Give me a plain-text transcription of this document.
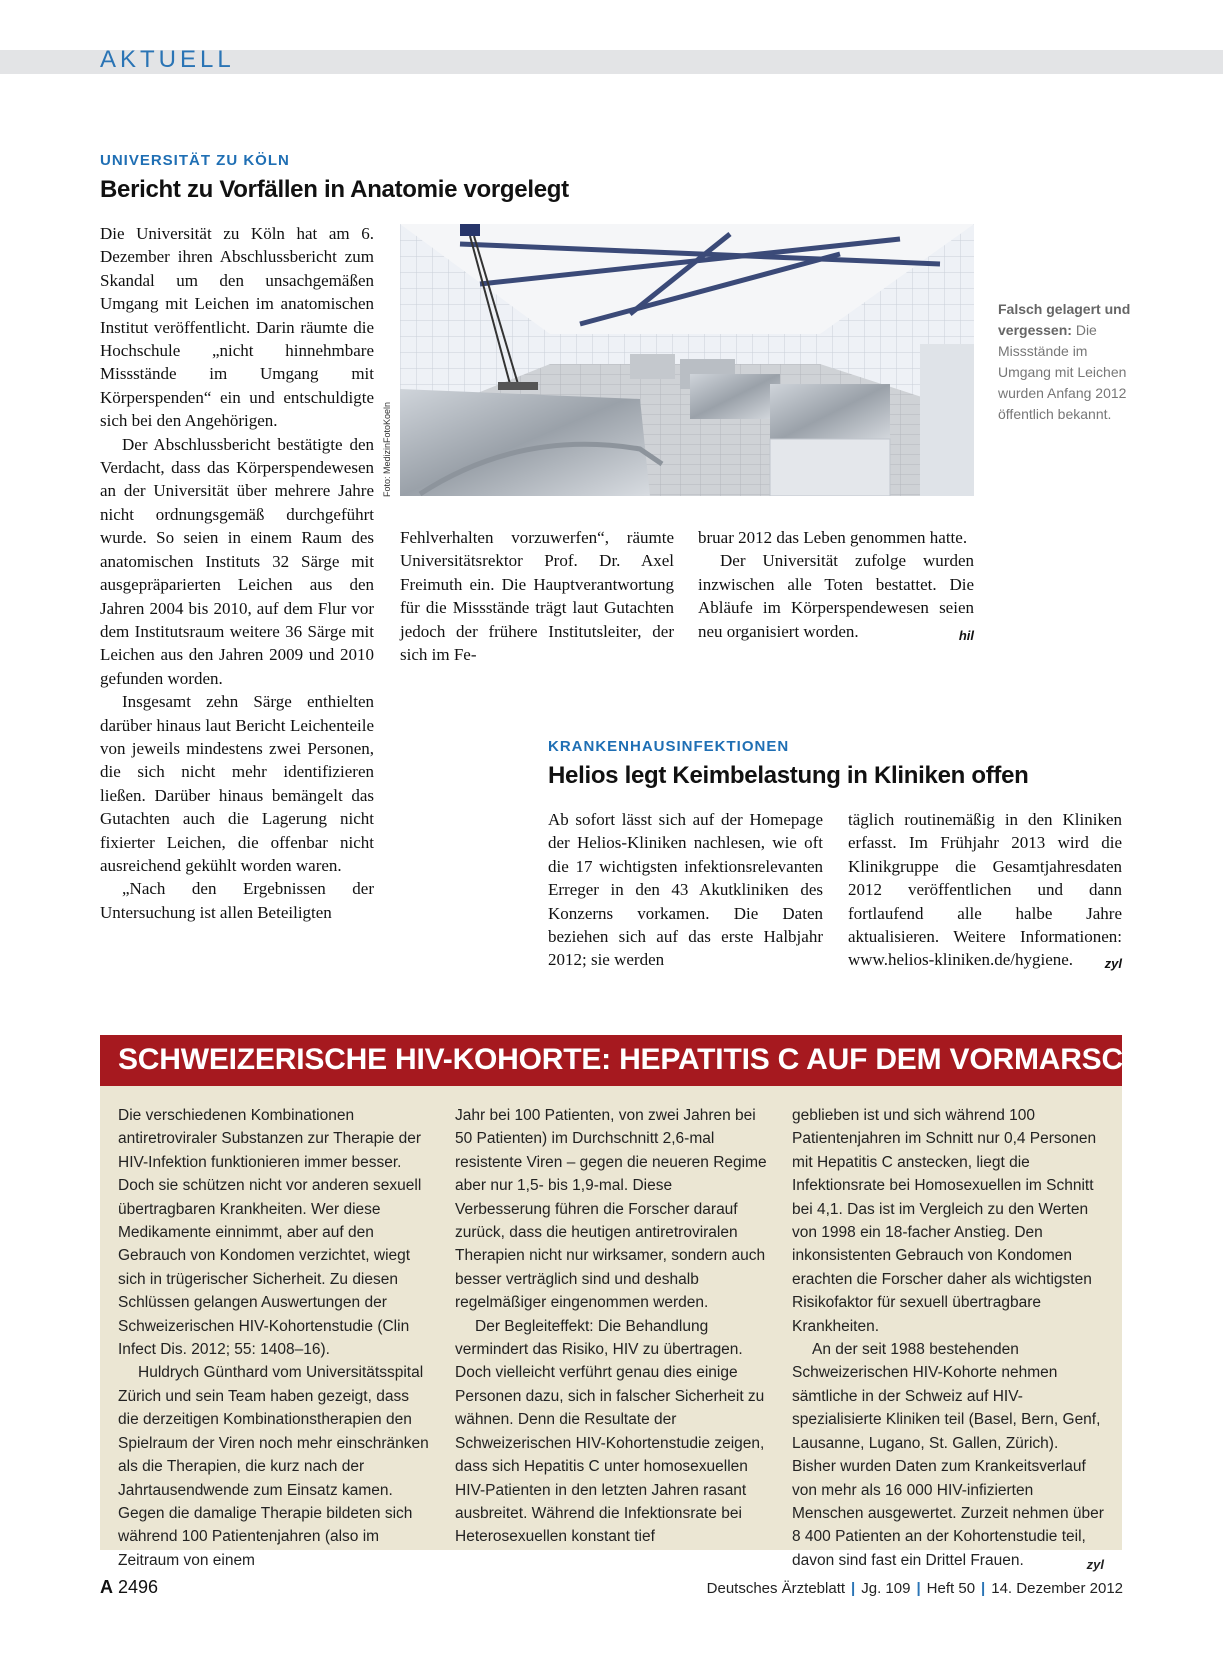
AKTUELL
UNIVERSITÄT ZU KÖLN
Bericht zu Vorfällen in Anatomie vorgelegt

Die Universität zu Köln hat am 6. Dezember ihren Abschlussbericht zum Skandal um den unsachgemäßen Umgang mit Leichen im anatomischen Institut veröffentlicht. Darin räumte die Hochschule „nicht hinnehmbare Missstände im Umgang mit Körperspenden“ ein und entschuldigte sich bei den Angehörigen.

Der Abschlussbericht bestätigte den Verdacht, dass das Körperspendewesen an der Universität über mehrere Jahre nicht ordnungsgemäß durchgeführt wurde. So seien in einem Raum des anatomischen Instituts 32 Särge mit ausgepräparierten Leichen aus den Jahren 2004 bis 2010, auf dem Flur vor dem Institutsraum weitere 36 Särge mit Leichen aus den Jahren 2009 und 2010 gefunden worden.

Insgesamt zehn Särge enthielten darüber hinaus laut Bericht Leichenteile von jeweils mindestens zwei Personen, die sich nicht mehr identifizieren ließen. Darüber hinaus bemängelt das Gutachten auch die Lagerung nicht fixierter Leichen, die offenbar nicht ausreichend gekühlt worden waren.

„Nach den Ergebnissen der Untersuchung ist allen Beteiligten

Foto: MedizinFotoKoeln
Falsch gelagert und vergessen: Die Missstände im Umgang mit Leichen wurden Anfang 2012 öffentlich bekannt.

Fehlverhalten vorzuwerfen“, räumte Universitätsrektor Prof. Dr. Axel Freimuth ein. Die Hauptverantwortung für die Missstände trägt laut Gutachten jedoch der frühere Institutsleiter, der sich im Fe-

bruar 2012 das Leben genommen hatte.

Der Universität zufolge wurden inzwischen alle Toten bestattet. Die Abläufe im Körperspendewesen seien neu organisiert worden.	hil

KRANKENHAUSINFEKTIONEN
Helios legt Keimbelastung in Kliniken offen

Ab sofort lässt sich auf der Homepage der Helios-Kliniken nachlesen, wie oft die 17 wichtigsten infektionsrelevanten Erreger in den 43 Akutkliniken des Konzerns vorkamen. Die Daten beziehen sich auf das erste Halbjahr 2012; sie werden

täglich routinemäßig in den Kliniken erfasst. Im Frühjahr 2013 wird die Klinikgruppe die Gesamtjahresdaten 2012 veröffentlichen und dann fortlaufend alle halbe Jahre aktualisieren. Weitere Informationen: www.helios-kliniken.de/hygiene. zyl

SCHWEIZERISCHE HIV-KOHORTE: HEPATITIS C AUF DEM VORMARSCH

Die verschiedenen Kombinationen antiretroviraler Substanzen zur Therapie der HIV-Infektion funktionieren immer besser. Doch sie schützen nicht vor anderen sexuell übertragbaren Krankheiten. Wer diese Medikamente einnimmt, aber auf den Gebrauch von Kondomen verzichtet, wiegt sich in trügerischer Sicherheit. Zu diesen Schlüssen gelangen Auswertungen der Schweizerischen HIV-Kohortenstudie (Clin Infect Dis. 2012; 55: 1408–16).

Huldrych Günthard vom Universitätsspital Zürich und sein Team haben gezeigt, dass die derzeitigen Kombinationstherapien den Spielraum der Viren noch mehr einschränken als die Therapien, die kurz nach der Jahrtausendwende zum Einsatz kamen. Gegen die damalige Therapie bildeten sich während 100 Patientenjahren (also im Zeitraum von einem

Jahr bei 100 Patienten, von zwei Jahren bei 50 Patienten) im Durchschnitt 2,6-mal resistente Viren – gegen die neueren Regime aber nur 1,5- bis 1,9-mal. Diese Verbesserung führen die Forscher darauf zurück, dass die heutigen antiretroviralen Therapien nicht nur wirksamer, sondern auch besser verträglich sind und deshalb regelmäßiger eingenommen werden.

Der Begleiteffekt: Die Behandlung vermindert das Risiko, HIV zu übertragen. Doch vielleicht verführt genau dies einige Personen dazu, sich in falscher Sicherheit zu wähnen. Denn die Resultate der Schweizerischen HIV-Kohortenstudie zeigen, dass sich Hepatitis C unter homosexuellen HIV-Patienten in den letzten Jahren rasant ausbreitet. Während die Infektionsrate bei Heterosexuellen konstant tief

geblieben ist und sich während 100 Patientenjahren im Schnitt nur 0,4 Personen mit Hepatitis C anstecken, liegt die Infektionsrate bei Homosexuellen im Schnitt bei 4,1. Das ist im Vergleich zu den Werten von 1998 ein 18-facher Anstieg. Den inkonsistenten Gebrauch von Kondomen erachten die Forscher daher als wichtigsten Risikofaktor für sexuell übertragbare Krankheiten.

An der seit 1988 bestehenden Schweizerischen HIV-Kohorte nehmen sämtliche in der Schweiz auf HIV-spezialisierte Kliniken teil (Basel, Bern, Genf, Lausanne, Lugano, St. Gallen, Zürich). Bisher wurden Daten zum Krankeitsverlauf von mehr als 16 000 HIV-infizierten Menschen ausgewertet. Zurzeit nehmen über 8 400 Patienten an der Kohortenstudie teil, davon sind fast ein Drittel Frauen.	zyl

A 2496	Deutsches Ärzteblatt | Jg. 109 | Heft 50 | 14. Dezember 2012
